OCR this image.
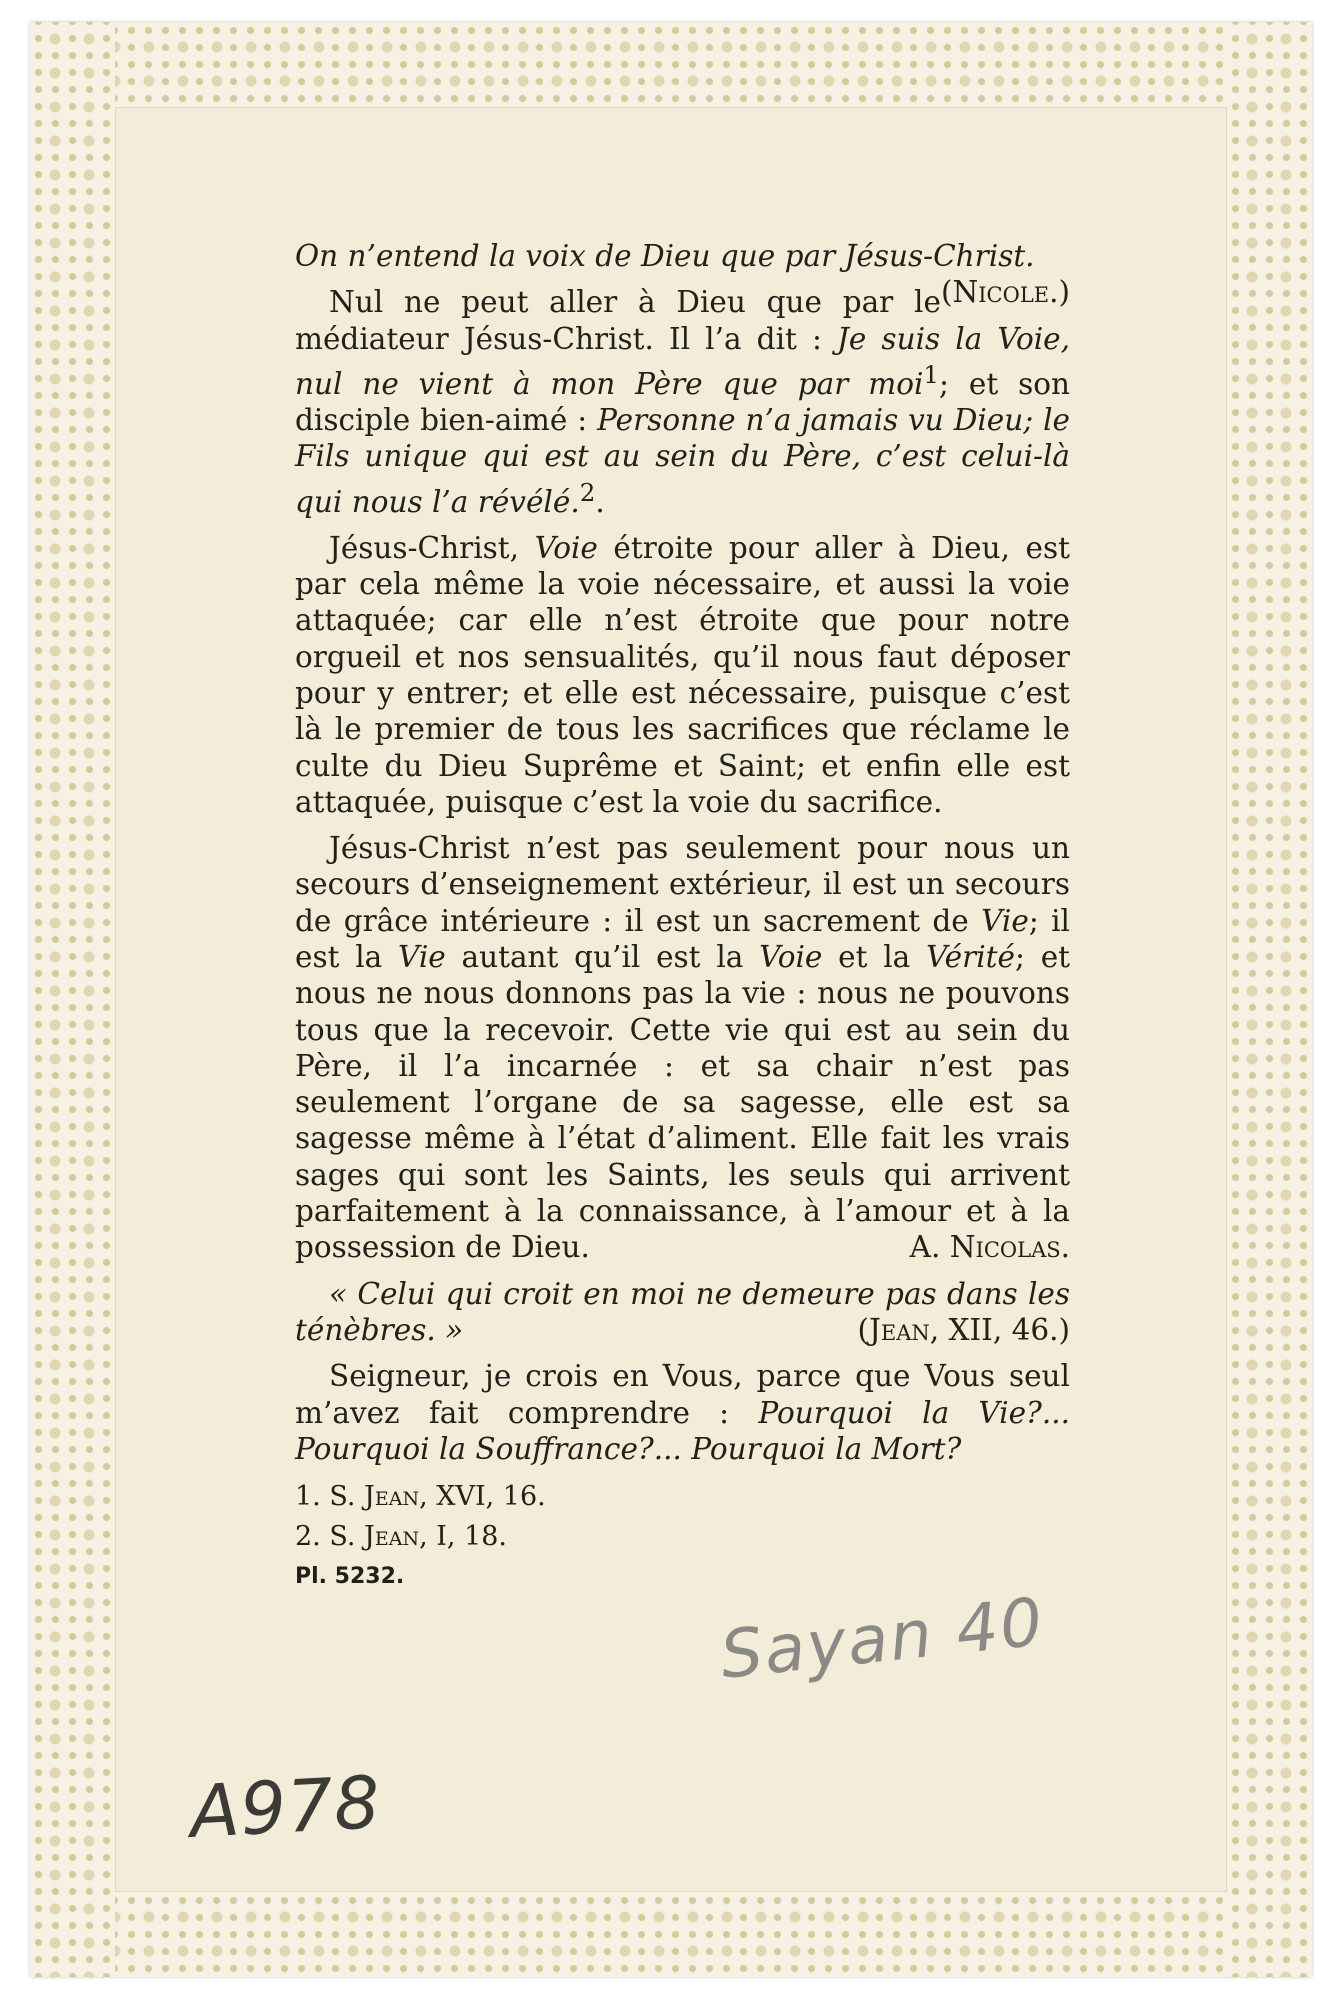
On n’entend la voix de Dieu que par Jésus-Christ.
(Nicole.)

Nul ne peut aller à Dieu que par le médiateur Jésus-Christ. Il l’a dit : Je suis la Voie, nul ne vient à mon Père que par moi$^1$; et son disciple bien-aimé : Personne n’a jamais vu Dieu; le Fils unique qui est au sein du Père, c’est celui-là qui nous l’a révélé.$^2$.

Jésus-Christ, Voie étroite pour aller à Dieu, est par cela même la voie nécessaire, et aussi la voie attaquée; car elle n’est étroite que pour notre orgueil et nos sensualités, qu’il nous faut déposer pour y entrer; et elle est nécessaire, puisque c’est là le premier de tous les sacrifices que réclame le culte du Dieu Suprême et Saint; et enfin elle est attaquée, puisque c’est la voie du sacrifice.

Jésus-Christ n’est pas seulement pour nous un secours d’enseignement extérieur, il est un secours de grâce intérieure : il est un sacrement de Vie; il est la Vie autant qu’il est la Voie et la Vérité; et nous ne nous donnons pas la vie : nous ne pouvons tous que la recevoir. Cette vie qui est au sein du Père, il l’a incarnée : et sa chair n’est pas seulement l’organe de sa sagesse, elle est sa sagesse même à l’état d’aliment. Elle fait les vrais sages qui sont les Saints, les seuls qui arrivent parfaitement à la connaissance, à l’amour et à la possession de Dieu.	A. Nicolas.

« Celui qui croit en moi ne demeure pas dans les ténèbres. »	(Jean, XII, 46.)

Seigneur, je crois en Vous, parce que Vous seul m’avez fait comprendre : Pourquoi la Vie?... Pourquoi la Souffrance?... Pourquoi la Mort?

1. S. Jean, XVI, 16.

2. S. Jean, I, 18.

Pl. 5232.

Sayan 40
A978
